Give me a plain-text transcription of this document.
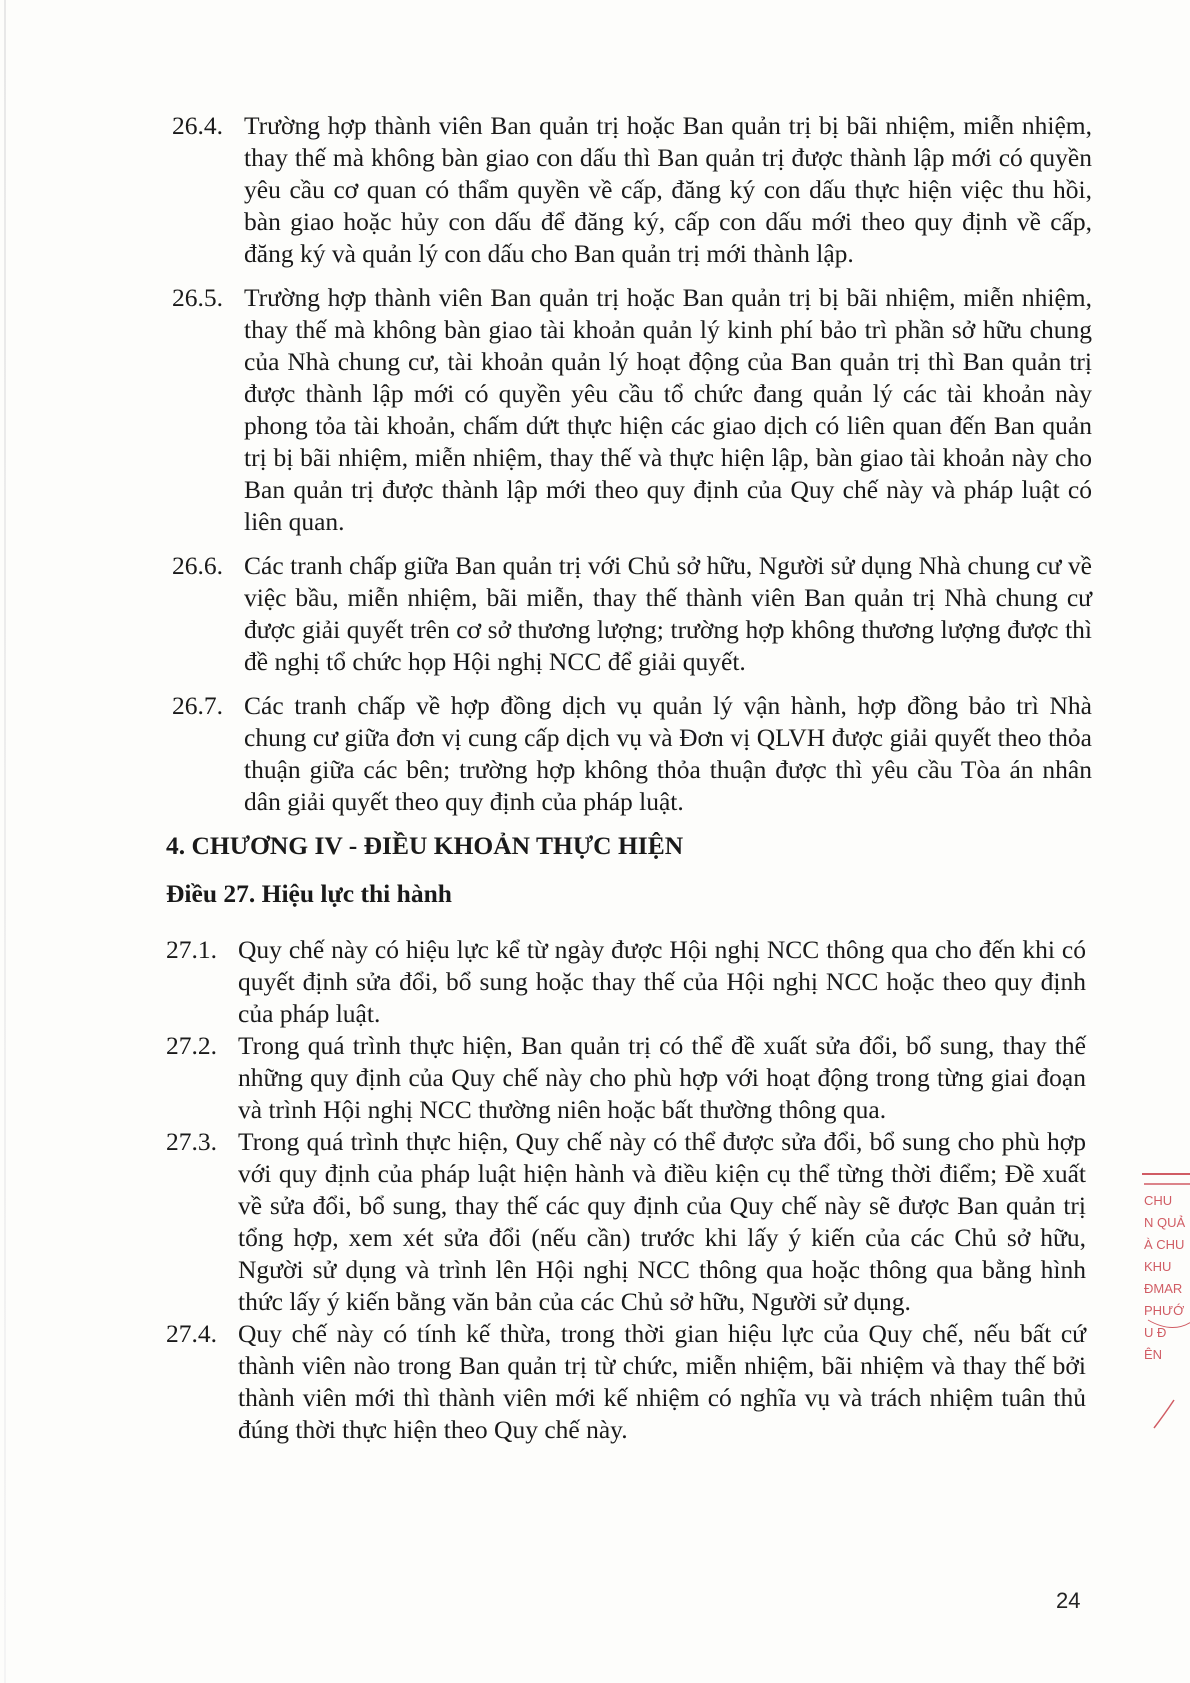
26.4. Trường hợp thành viên Ban quản trị hoặc Ban quản trị bị bãi nhiệm, miễn nhiệm, thay thế mà không bàn giao con dấu thì Ban quản trị được thành lập mới có quyền yêu cầu cơ quan có thẩm quyền về cấp, đăng ký con dấu thực hiện việc thu hồi, bàn giao hoặc hủy con dấu để đăng ký, cấp con dấu mới theo quy định về cấp, đăng ký và quản lý con dấu cho Ban quản trị mới thành lập.
26.5. Trường hợp thành viên Ban quản trị hoặc Ban quản trị bị bãi nhiệm, miễn nhiệm, thay thế mà không bàn giao tài khoản quản lý kinh phí bảo trì phần sở hữu chung của Nhà chung cư, tài khoản quản lý hoạt động của Ban quản trị thì Ban quản trị được thành lập mới có quyền yêu cầu tổ chức đang quản lý các tài khoản này phong tỏa tài khoản, chấm dứt thực hiện các giao dịch có liên quan đến Ban quản trị bị bãi nhiệm, miễn nhiệm, thay thế và thực hiện lập, bàn giao tài khoản này cho Ban quản trị được thành lập mới theo quy định của Quy chế này và pháp luật có liên quan.
26.6. Các tranh chấp giữa Ban quản trị với Chủ sở hữu, Người sử dụng Nhà chung cư về việc bầu, miễn nhiệm, bãi miễn, thay thế thành viên Ban quản trị Nhà chung cư được giải quyết trên cơ sở thương lượng; trường hợp không thương lượng được thì đề nghị tổ chức họp Hội nghị NCC để giải quyết.
26.7. Các tranh chấp về hợp đồng dịch vụ quản lý vận hành, hợp đồng bảo trì Nhà chung cư giữa đơn vị cung cấp dịch vụ và Đơn vị QLVH được giải quyết theo thỏa thuận giữa các bên; trường hợp không thỏa thuận được thì yêu cầu Tòa án nhân dân giải quyết theo quy định của pháp luật.
4. CHƯƠNG IV - ĐIỀU KHOẢN THỰC HIỆN
Điều 27. Hiệu lực thi hành
27.1. Quy chế này có hiệu lực kể từ ngày được Hội nghị NCC thông qua cho đến khi có quyết định sửa đổi, bổ sung hoặc thay thế của Hội nghị NCC hoặc theo quy định của pháp luật.
27.2. Trong quá trình thực hiện, Ban quản trị có thể đề xuất sửa đổi, bổ sung, thay thế những quy định của Quy chế này cho phù hợp với hoạt động trong từng giai đoạn và trình Hội nghị NCC thường niên hoặc bất thường thông qua.
27.3. Trong quá trình thực hiện, Quy chế này có thể được sửa đổi, bổ sung cho phù hợp với quy định của pháp luật hiện hành và điều kiện cụ thể từng thời điểm; Đề xuất về sửa đổi, bổ sung, thay thế các quy định của Quy chế này sẽ được Ban quản trị tổng hợp, xem xét sửa đổi (nếu cần) trước khi lấy ý kiến của các Chủ sở hữu, Người sử dụng và trình lên Hội nghị NCC thông qua hoặc thông qua bằng hình thức lấy ý kiến bằng văn bản của các Chủ sở hữu, Người sử dụng.
27.4. Quy chế này có tính kế thừa, trong thời gian hiệu lực của Quy chế, nếu bất cứ thành viên nào trong Ban quản trị từ chức, miễn nhiệm, bãi nhiệm và thay thế bởi thành viên mới thì thành viên mới kế nhiệm có nghĩa vụ và trách nhiệm tuân thủ đúng thời thực hiện theo Quy chế này.
CHU
N QUẢ
À CHU
KHU
ĐMAR
PHƯỚ
U Đ
ÊN
24
